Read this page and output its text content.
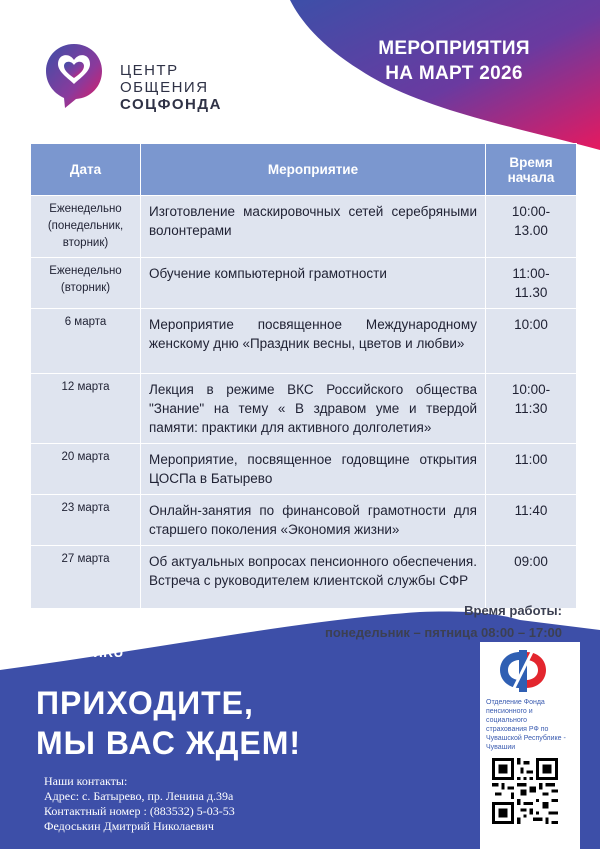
ЦЕНТР
ОБЩЕНИЯ
СОЦФОНДА
МЕРОПРИЯТИЯ
НА МАРТ 2026
Дата	Мероприятие	Время начала
Еженедельно (понедельник, вторник)	Изготовление маскировочных сетей серебряными волонтерами	10:00-13.00
Еженедельно (вторник)	Обучение компьютерной грамотности	11:00-11.30
6 марта	Мероприятие посвященное Международному женскому дню «Праздник весны, цветов и любви»	10:00
12 марта	Лекция в режиме ВКС Российского общества "Знание" на тему « В здравом уме и твердой памяти: практики для активного долголетия»	10:00-11:30
20 марта	Мероприятие, посвященное годовщине открытия ЦОСПа в Батырево	11:00
23 марта	Онлайн-занятия по финансовой грамотности для старшего поколения «Экономия жизни»	11:40
27 марта	Об актуальных вопросах пенсионного обеспечения. Встреча с руководителем клиентской службы СФР	09:00
Время работы:
понедельник – пятница 08:00 – 17:00
SFR.GOV.RU
ПРИХОДИТЕ,
МЫ ВАС ЖДЕМ!
Наши контакты:
Адрес: с. Батырево, пр. Ленина д.39а
Контактный номер : (883532) 5-03-53
Федоськин Дмитрий Николаевич
Отделение Фонда пенсионного и социального страхования РФ по Чувашской Республике - Чувашии
